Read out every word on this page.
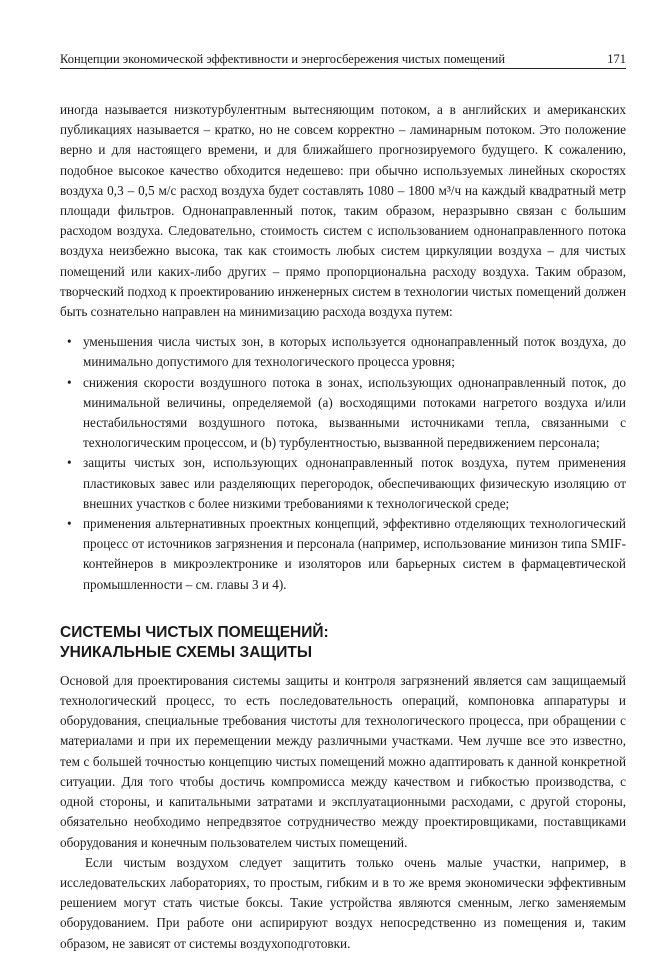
Концепции экономической эффективности и энергосбережения чистых помещений	171

иногда называется низкотурбулентным вытесняющим потоком, а в английских и американских публикациях называется – кратко, но не совсем корректно – ламинарным потоком. Это положение верно и для настоящего времени, и для ближайшего прогнозируемого будущего. К сожалению, подобное высокое качество обходится недешево: при обычно используемых линейных скоростях воздуха 0,3 – 0,5 м/с расход воздуха будет составлять 1080 – 1800 м³/ч на каждый квадратный метр площади фильтров. Однонаправленный поток, таким образом, неразрывно связан с большим расходом воздуха. Следовательно, стоимость систем с использованием однонаправленного потока воздуха неизбежно высока, так как стоимость любых систем циркуляции воздуха – для чистых помещений или каких-либо других – прямо пропорциональна расходу воздуха. Таким образом, творческий подход к проектированию инженерных систем в технологии чистых помещений должен быть сознательно направлен на минимизацию расхода воздуха путем:

• уменьшения числа чистых зон, в которых используется однонаправленный поток воздуха, до минимально допустимого для технологического процесса уровня;
• снижения скорости воздушного потока в зонах, использующих однонаправленный поток, до минимальной величины, определяемой (a) восходящими потоками нагретого воздуха и/или нестабильностями воздушного потока, вызванными источниками тепла, связанными с технологическим процессом, и (b) турбулентностью, вызванной передвижением персонала;
• защиты чистых зон, использующих однонаправленный поток воздуха, путем применения пластиковых завес или разделяющих перегородок, обеспечивающих физическую изоляцию от внешних участков с более низкими требованиями к технологической среде;
• применения альтернативных проектных концепций, эффективно отделяющих технологический процесс от источников загрязнения и персонала (например, использование минизон типа SMIF-контейнеров в микроэлектронике и изоляторов или барьерных систем в фармацевтической промышленности – см. главы 3 и 4).
СИСТЕМЫ ЧИСТЫХ ПОМЕЩЕНИЙ:
УНИКАЛЬНЫЕ СХЕМЫ ЗАЩИТЫ

Основой для проектирования системы защиты и контроля загрязнений является сам защищаемый технологический процесс, то есть последовательность операций, компоновка аппаратуры и оборудования, специальные требования чистоты для технологического процесса, при обращении с материалами и при их перемещении между различными участками. Чем лучше все это известно, тем с большей точностью концепцию чистых помещений можно адаптировать к данной конкретной ситуации. Для того чтобы достичь компромисса между качеством и гибкостью производства, с одной стороны, и капитальными затратами и эксплуатационными расходами, с другой стороны, обязательно необходимо непредвзятое сотрудничество между проектировщиками, поставщиками оборудования и конечным пользователем чистых помещений.

Если чистым воздухом следует защитить только очень малые участки, например, в исследовательских лабораториях, то простым, гибким и в то же время экономически эффективным решением могут стать чистые боксы. Такие устройства являются сменным, легко заменяемым оборудованием. При работе они аспирируют воздух непосредственно из помещения и, таким образом, не зависят от системы воздухоподготовки.
